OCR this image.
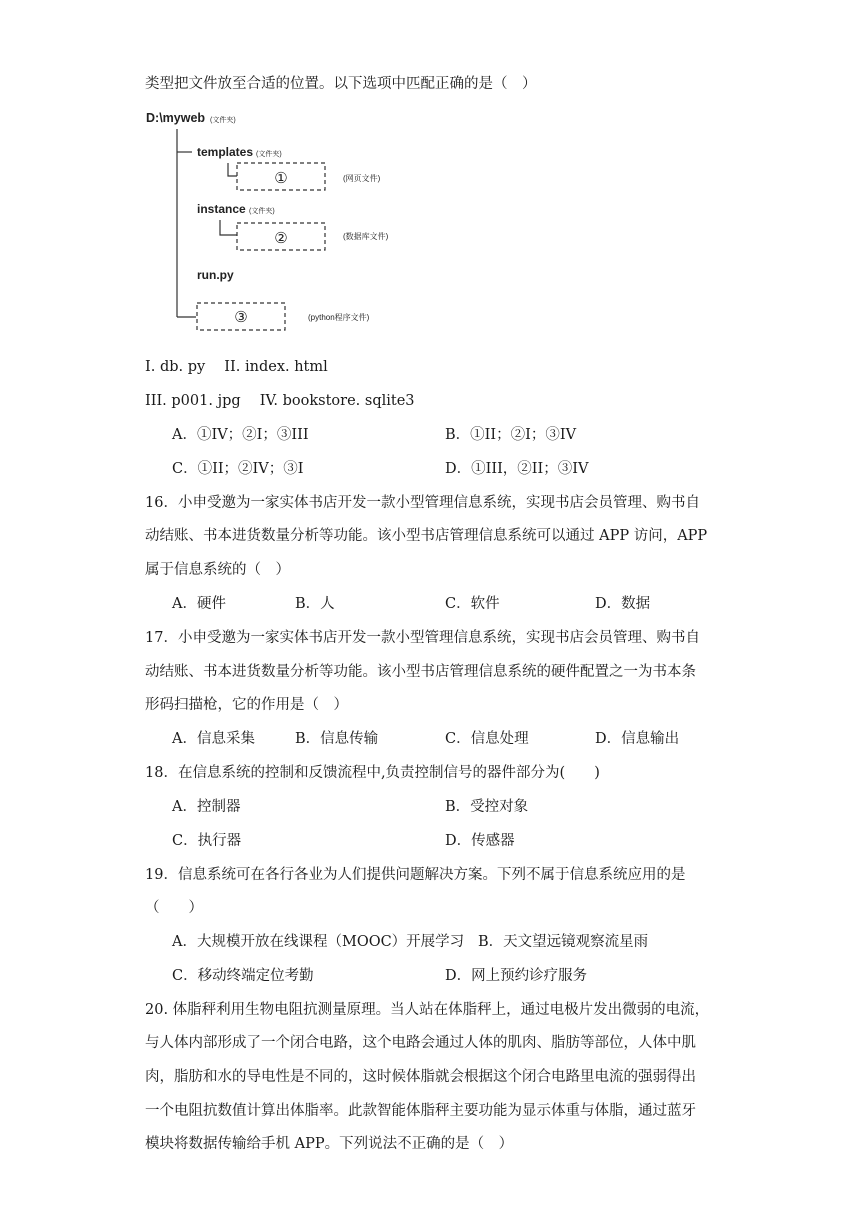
类型把文件放至合适的位置。以下选项中匹配正确的是（　）
D:\myweb (文件夹)
templates (文件夹)
①	(网页文件)
instance (文件夹)
②	(数据库文件)
run.py
③	(python程序文件)
I. db. py　 II. index. html
III. p001. jpg　 IV. bookstore. sqlite3
A．①IV；②I；③III	B．①II；②I；③IV
C．①II；②IV；③I	D．①III，②II；③IV
16．小申受邀为一家实体书店开发一款小型管理信息系统，实现书店会员管理、购书自
动结账、书本进货数量分析等功能。该小型书店管理信息系统可以通过 APP 访问，APP
属于信息系统的（　）
A．硬件	B．人	C．软件	D．数据
17．小申受邀为一家实体书店开发一款小型管理信息系统，实现书店会员管理、购书自
动结账、书本进货数量分析等功能。该小型书店管理信息系统的硬件配置之一为书本条
形码扫描枪，它的作用是（　）
A．信息采集	B．信息传输	C．信息处理	D．信息输出
18．在信息系统的控制和反馈流程中,负责控制信号的器件部分为(　　)
A．控制器	B．受控对象
C．执行器	D．传感器
19．信息系统可在各行各业为人们提供问题解决方案。下列不属于信息系统应用的是
（　　）
A．大规模开放在线课程（MOOC）开展学习 B．天文望远镜观察流星雨
C．移动终端定位考勤	D．网上预约诊疗服务
20. 体脂秤利用生物电阻抗测量原理。当人站在体脂秤上，通过电极片发出微弱的电流，
与人体内部形成了一个闭合电路，这个电路会通过人体的肌肉、脂肪等部位，人体中肌
肉，脂肪和水的导电性是不同的，这时候体脂就会根据这个闭合电路里电流的强弱得出
一个电阻抗数值计算出体脂率。此款智能体脂秤主要功能为显示体重与体脂，通过蓝牙
模块将数据传输给手机 APP。下列说法不正确的是（　）
